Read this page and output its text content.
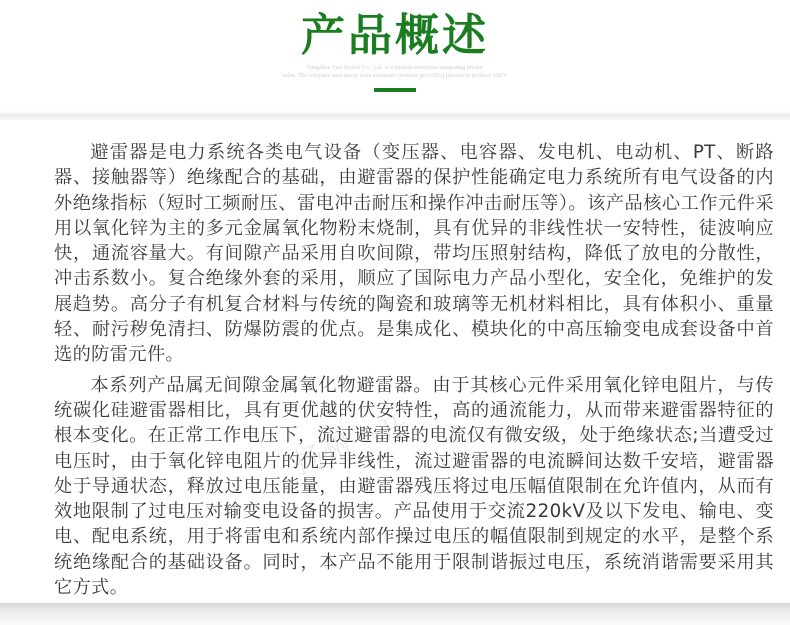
产品概述
Yangzhou Fast Switch Co., Ltd. is a modern enterprise integrating produc
sales. The company uses epoxy resin automatic pressure gel (APG) process to produce 10KV

避雷器是电力系统各类电气设备（变压器、电容器、发电机、电动机、PT、断路器、接触器等）绝缘配合的基础，由避雷器的保护性能确定电力系统所有电气设备的内外绝缘指标（短时工频耐压、雷电冲击耐压和操作冲击耐压等）。该产品核心工作元件采用以氧化锌为主的多元金属氧化物粉末烧制，具有优异的非线性状一安特性，徒波响应快，通流容量大。有间隙产品采用自吹间隙，带均压照射结构，降低了放电的分散性，冲击系数小。复合绝缘外套的采用，顺应了国际电力产品小型化，安全化，免维护的发展趋势。高分子有机复合材料与传统的陶瓷和玻璃等无机材料相比，具有体积小、重量轻、耐污秽免清扫、防爆防震的优点。是集成化、模块化的中高压输变电成套设备中首选的防雷元件。

本系列产品属无间隙金属氧化物避雷器。由于其核心元件采用氧化锌电阻片，与传统碳化硅避雷器相比，具有更优越的伏安特性，高的通流能力，从而带来避雷器特征的根本变化。在正常工作电压下，流过避雷器的电流仅有微安级，处于绝缘状态;当遭受过电压时，由于氧化锌电阻片的优异非线性，流过避雷器的电流瞬间达数千安培，避雷器处于导通状态，释放过电压能量，由避雷器残压将过电压幅值限制在允许值内，从而有效地限制了过电压对输变电设备的损害。产品使用于交流220kV及以下发电、输电、变电、配电系统，用于将雷电和系统内部作操过电压的幅值限制到规定的水平，是整个系统绝缘配合的基础设备。同时，本产品不能用于限制谐振过电压，系统消谐需要采用其它方式。

扬州一开
